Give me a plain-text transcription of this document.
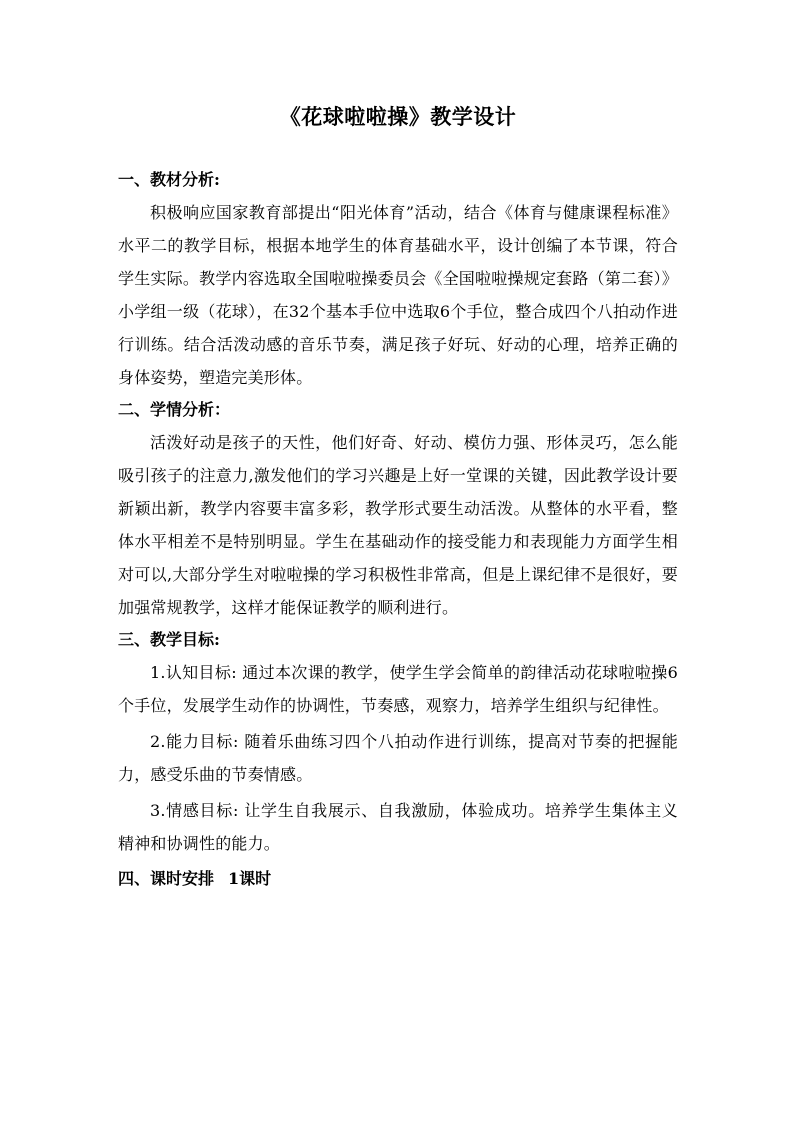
《花球啦啦操》教学设计

一、教材分析:

积极响应国家教育部提出“阳光体育”活动，结合《体育与健康课程标准》水平二的教学目标，根据本地学生的体育基础水平，设计创编了本节课，符合学生实际。教学内容选取全国啦啦操委员会《全国啦啦操规定套路（第二套）》小学组一级（花球），在32个基本手位中选取6个手位，整合成四个八拍动作进行训练。结合活泼动感的音乐节奏，满足孩子好玩、好动的心理，培养正确的身体姿势，塑造完美形体。

二、学情分析：

活泼好动是孩子的天性，他们好奇、好动、模仿力强、形体灵巧，怎么能吸引孩子的注意力,激发他们的学习兴趣是上好一堂课的关键，因此教学设计要新颖出新，教学内容要丰富多彩，教学形式要生动活泼。从整体的水平看，整体水平相差不是特别明显。学生在基础动作的接受能力和表现能力方面学生相对可以,大部分学生对啦啦操的学习积极性非常高，但是上课纪律不是很好，要加强常规教学，这样才能保证教学的顺利进行。

三、教学目标:

1.认知目标: 通过本次课的教学，使学生学会简单的韵律活动花球啦啦操6个手位，发展学生动作的协调性，节奏感，观察力，培养学生组织与纪律性。

2.能力目标: 随着乐曲练习四个八拍动作进行训练，提高对节奏的把握能力，感受乐曲的节奏情感。

3.情感目标: 让学生自我展示、自我激励，体验成功。培养学生集体主义精神和协调性的能力。

四、课时安排 1课时
